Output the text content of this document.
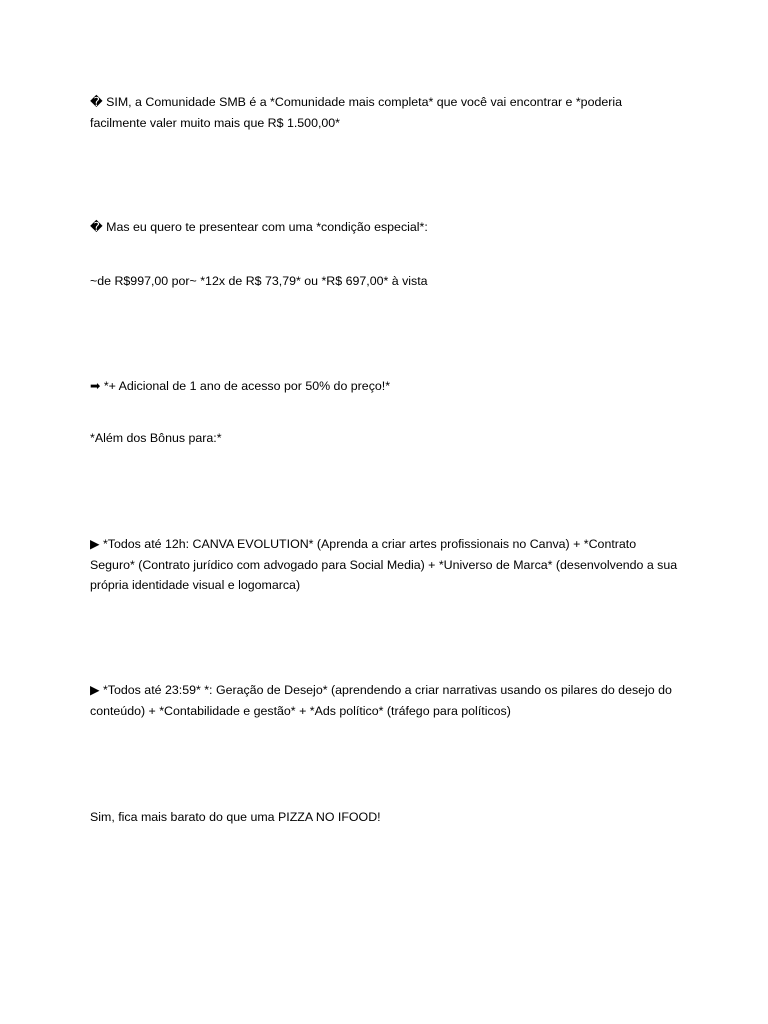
� SIM, a Comunidade SMB é a *Comunidade mais completa* que você vai encontrar e *poderia facilmente valer muito mais que R$ 1.500,00*
� Mas eu quero te presentear com uma *condição especial*:
~de R$997,00 por~ *12x de R$ 73,79* ou *R$ 697,00* à vista
➡ *+ Adicional de 1 ano de acesso por 50% do preço!*
*Além dos Bônus para:*
▶ *Todos até 12h: CANVA EVOLUTION* (Aprenda a criar artes profissionais no Canva) + *Contrato Seguro* (Contrato jurídico com advogado para Social Media) + *Universo de Marca* (desenvolvendo a sua própria identidade visual e logomarca)
▶ *Todos até 23:59* *: Geração de Desejo* (aprendendo a criar narrativas usando os pilares do desejo do conteúdo) + *Contabilidade e gestão* + *Ads político* (tráfego para políticos)
Sim, fica mais barato do que uma PIZZA NO IFOOD!
